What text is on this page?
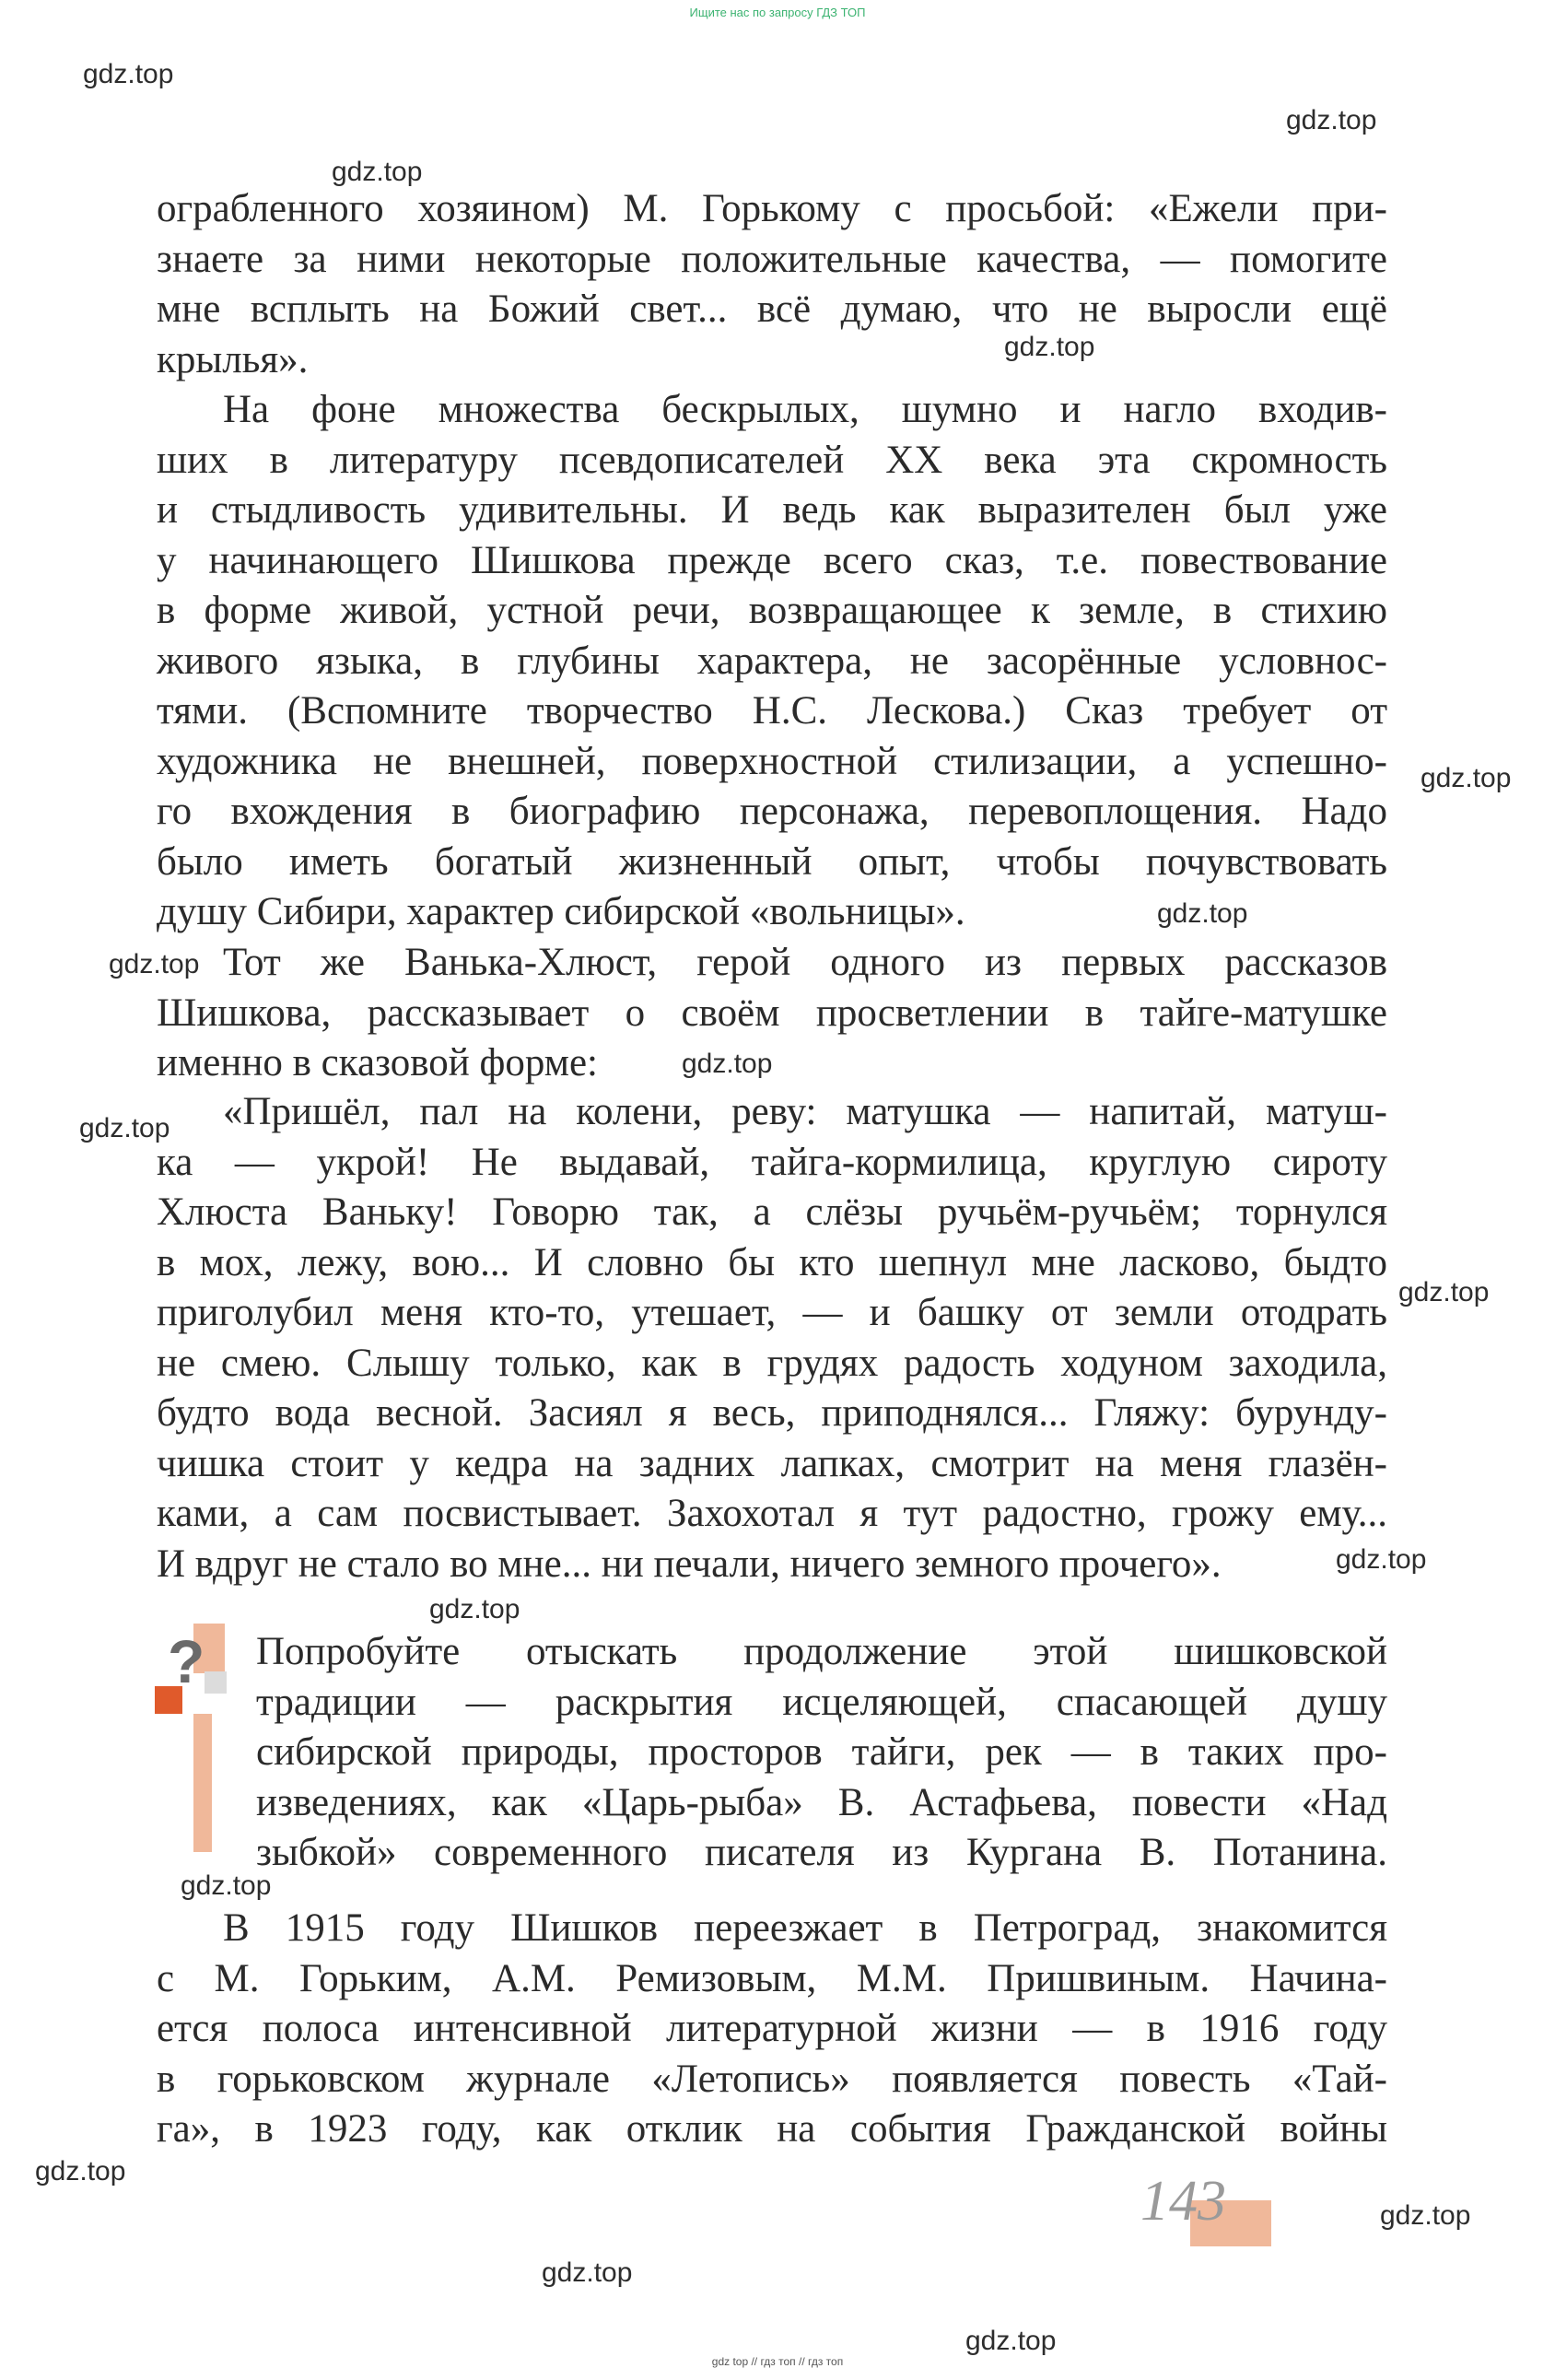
Ищите нас по запросу ГДЗ ТОП
gdz.top
gdz.top
gdz.top
gdz.top
gdz.top
gdz.top
gdz.top
gdz.top
gdz.top
gdz.top
gdz.top
gdz.top
gdz.top
gdz.top
gdz.top
gdz.top
gdz.top
ограбленного хозяином) М. Горькому с просьбой: «Ежели при-
знаете за ними некоторые положительные качества, — помогите
мне всплыть на Божий свет... всё думаю, что не выросли ещё
крылья».
На фоне множества бескрылых, шумно и нагло входив-
ших в литературу псевдописателей XX века эта скромность
и стыдливость удивительны. И ведь как выразителен был уже
у начинающего Шишкова прежде всего сказ, т.е. повествование
в форме живой, устной речи, возвращающее к земле, в стихию
живого языка, в глубины характера, не засорённые условнос-
тями. (Вспомните творчество Н.С. Лескова.) Сказ требует от
художника не внешней, поверхностной стилизации, а успешно-
го вхождения в биографию персонажа, перевоплощения. Надо
было иметь богатый жизненный опыт, чтобы почувствовать
душу Сибири, характер сибирской «вольницы».
Тот же Ванька-Хлюст, герой одного из первых рассказов
Шишкова, рассказывает о своём просветлении в тайге-матушке
именно в сказовой форме:
«Пришёл, пал на колени, реву: матушка — напитай, матуш-
ка — укрой! Не выдавай, тайга-кормилица, круглую сироту
Хлюста Ваньку! Говорю так, а слёзы ручьём-ручьём; торнулся
в мох, лежу, вою... И словно бы кто шепнул мне ласково, быдто
приголубил меня кто-то, утешает, — и башку от земли отодрать
не смею. Слышу только, как в грудях радость ходуном заходила,
будто вода весной. Засиял я весь, приподнялся... Гляжу: бурунду-
чишка стоит у кедра на задних лапках, смотрит на меня глазён-
ками, а сам посвистывает. Захохотал я тут радостно, грожу ему...
И вдруг не стало во мне... ни печали, ничего земного прочего».
? Попробуйте отыскать продолжение этой шишковской
традиции — раскрытия исцеляющей, спасающей душу
сибирской природы, просторов тайги, рек — в таких про-
изведениях, как «Царь-рыба» В. Астафьева, повести «Над
зыбкой» современного писателя из Кургана В. Потанина.
В 1915 году Шишков переезжает в Петроград, знакомится
с М. Горьким, А.М. Ремизовым, М.М. Пришвиным. Начина-
ется полоса интенсивной литературной жизни — в 1916 году
в горьковском журнале «Летопись» появляется повесть «Тай-
га», в 1923 году, как отклик на события Гражданской войны
143
gdz top // гдз топ // гдз топ
